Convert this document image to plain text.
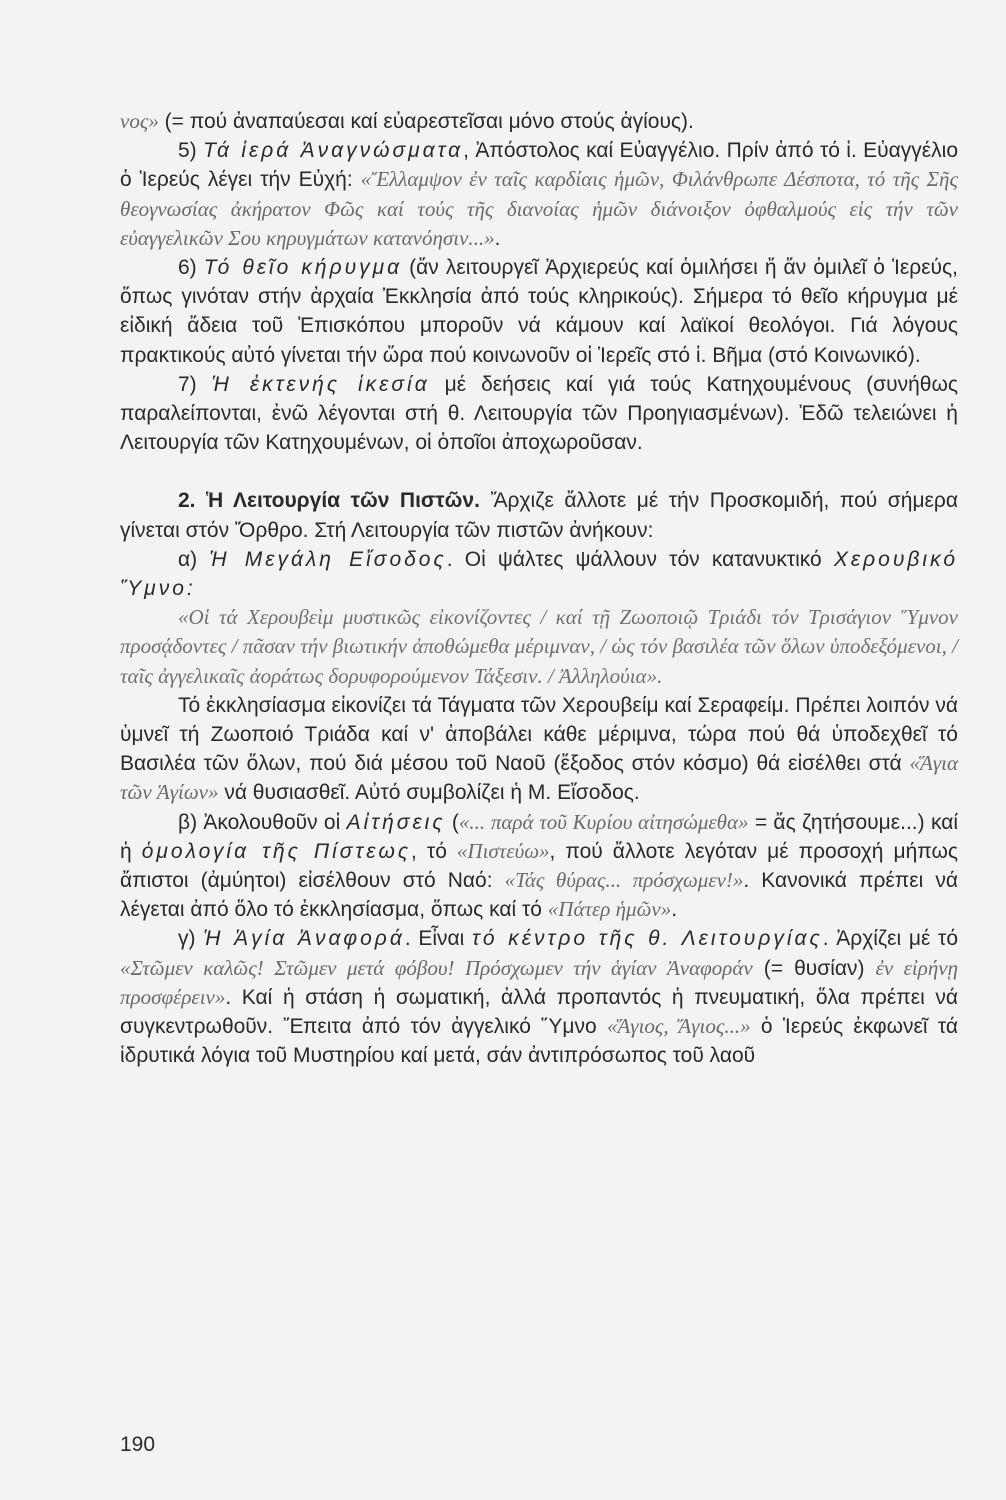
νος» (= πού ἀναπαύεσαι καί εὐαρεστεῖσαι μόνο στούς ἁγίους).

5) Τά ἱερά Ἀναγνώσματα, Ἀπόστολος καί Εὐαγγέλιο. Πρίν ἀπό τό ἱ. Εὐαγγέλιο ὁ Ἱερεύς λέγει τήν Εὐχή: «Ἔλλαμψον ἐν ταῖς καρδίαις ἡμῶν, Φιλάνθρωπε Δέσποτα, τό τῆς Σῆς θεογνωσίας ἀκήρατον Φῶς καί τούς τῆς διανοίας ἡμῶν διάνοιξον ὀφθαλμούς εἰς τήν τῶν εὐαγγελικῶν Σου κηρυγμάτων κατανόησιν...».

6) Τό θεῖο κήρυγμα (ἄν λειτουργεῖ Ἀρχιερεύς καί ὁμιλήσει ἤ ἄν ὁμιλεῖ ὁ Ἱερεύς, ὅπως γινόταν στήν ἀρχαία Ἐκκλησία ἀπό τούς κληρικούς). Σήμερα τό θεῖο κήρυγμα μέ εἰδική ἄδεια τοῦ Ἐπισκόπου μποροῦν νά κάμουν καί λαϊκοί θεολόγοι. Γιά λόγους πρακτικούς αὐτό γίνεται τήν ὥρα πού κοινωνοῦν οἱ Ἱερεῖς στό ἱ. Βῆμα (στό Κοινωνικό).

7) Ἡ ἐκτενής ἱκεσία μέ δεήσεις καί γιά τούς Κατηχουμένους (συνήθως παραλείπονται, ἐνῶ λέγονται στή θ. Λειτουργία τῶν Προηγιασμένων). Ἐδῶ τελειώνει ἡ Λειτουργία τῶν Κατηχουμένων, οἱ ὁποῖοι ἀποχωροῦσαν.

2. Ἡ Λειτουργία τῶν Πιστῶν. Ἄρχιζε ἄλλοτε μέ τήν Προσκομιδή, πού σήμερα γίνεται στόν Ὄρθρο. Στή Λειτουργία τῶν πιστῶν ἀνήκουν:

α) Ἡ Μεγάλη Εἴσοδος. Οἱ ψάλτες ψάλλουν τόν κατανυκτικό Χερουβικό Ὕμνο:

«Οἱ τά Χερουβεὶμ μυστικῶς εἰκονίζοντες / καί τῇ Ζωοποιῷ Τριάδι τόν Τρισάγιον Ὕμνον προσᾴδοντες / πᾶσαν τήν βιωτικήν ἀποθώμεθα μέριμναν, / ὡς τόν βασιλέα τῶν ὅλων ὑποδεξόμενοι, / ταῖς ἀγγελικαῖς ἀοράτως δορυφορούμενον Τάξεσιν. / Ἀλληλούια».

Τό ἐκκλησίασμα εἰκονίζει τά Τάγματα τῶν Χερουβείμ καί Σεραφείμ. Πρέπει λοιπόν νά ὑμνεῖ τή Ζωοποιό Τριάδα καί ν' ἀποβάλει κάθε μέριμνα, τώρα πού θά ὑποδεχθεῖ τό Βασιλέα τῶν ὅλων, πού διά μέσου τοῦ Ναοῦ (ἔξοδος στόν κόσμο) θά εἰσέλθει στά «Ἅγια τῶν Ἁγίων» νά θυσιασθεῖ. Αὐτό συμβολίζει ἡ Μ. Εἴσοδος.

β) Ἀκολουθοῦν οἱ Αἰτήσεις («... παρά τοῦ Κυρίου αἰτησώμεθα» = ἄς ζητήσουμε...) καί ἡ ὁμολογία τῆς Πίστεως, τό «Πιστεύω», πού ἄλλοτε λεγόταν μέ προσοχή μήπως ἄπιστοι (ἀμύητοι) εἰσέλθουν στό Ναό: «Τάς θύρας... πρόσχωμεν!». Κανονικά πρέπει νά λέγεται ἀπό ὅλο τό ἐκκλησίασμα, ὅπως καί τό «Πάτερ ἡμῶν».

γ) Ἡ Ἁγία Ἀναφορά. Εἶναι τό κέντρο τῆς θ. Λειτουργίας. Ἀρχίζει μέ τό «Στῶμεν καλῶς! Στῶμεν μετά φόβου! Πρόσχωμεν τήν ἁγίαν Ἀναφοράν (= θυσίαν) ἐν εἰρήνῃ προσφέρειν». Καί ἡ στάση ἡ σωματική, ἀλλά προπαντός ἡ πνευματική, ὅλα πρέπει νά συγκεντρωθοῦν. Ἔπειτα ἀπό τόν ἀγγελικό Ὕμνο «Ἅγιος, Ἅγιος...» ὁ Ἱερεύς ἐκφωνεῖ τά ἱδρυτικά λόγια τοῦ Μυστηρίου καί μετά, σάν ἀντιπρόσωπος τοῦ λαοῦ

190
